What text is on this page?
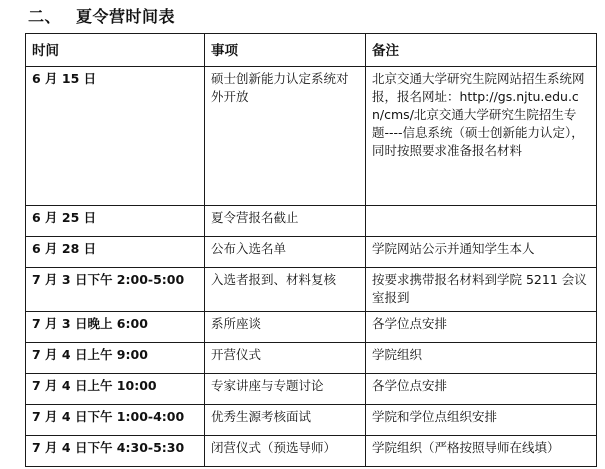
二、 夏令营时间表
时间	事项	备注
6 月 15 日	硕士创新能力认定系统对外开放	北京交通大学研究生院网站招生系统网报，报名网址：http://gs.njtu.edu.cn/cms/北京交通大学研究生院招生专题----信息系统（硕士创新能力认定），同时按照要求准备报名材料
6 月 25 日	夏令营报名截止	
6 月 28 日	公布入选名单	学院网站公示并通知学生本人
7 月 3 日下午 2:00-5:00	入选者报到、材料复核	按要求携带报名材料到学院 5211 会议室报到
7 月 3 日晚上 6:00	系所座谈	各学位点安排
7 月 4 日上午 9:00	开营仪式	学院组织
7 月 4 日上午 10:00	专家讲座与专题讨论	各学位点安排
7 月 4 日下午 1:00-4:00	优秀生源考核面试	学院和学位点组织安排
7 月 4 日下午 4:30-5:30	闭营仪式（预选导师）	学院组织（严格按照导师在线填）
